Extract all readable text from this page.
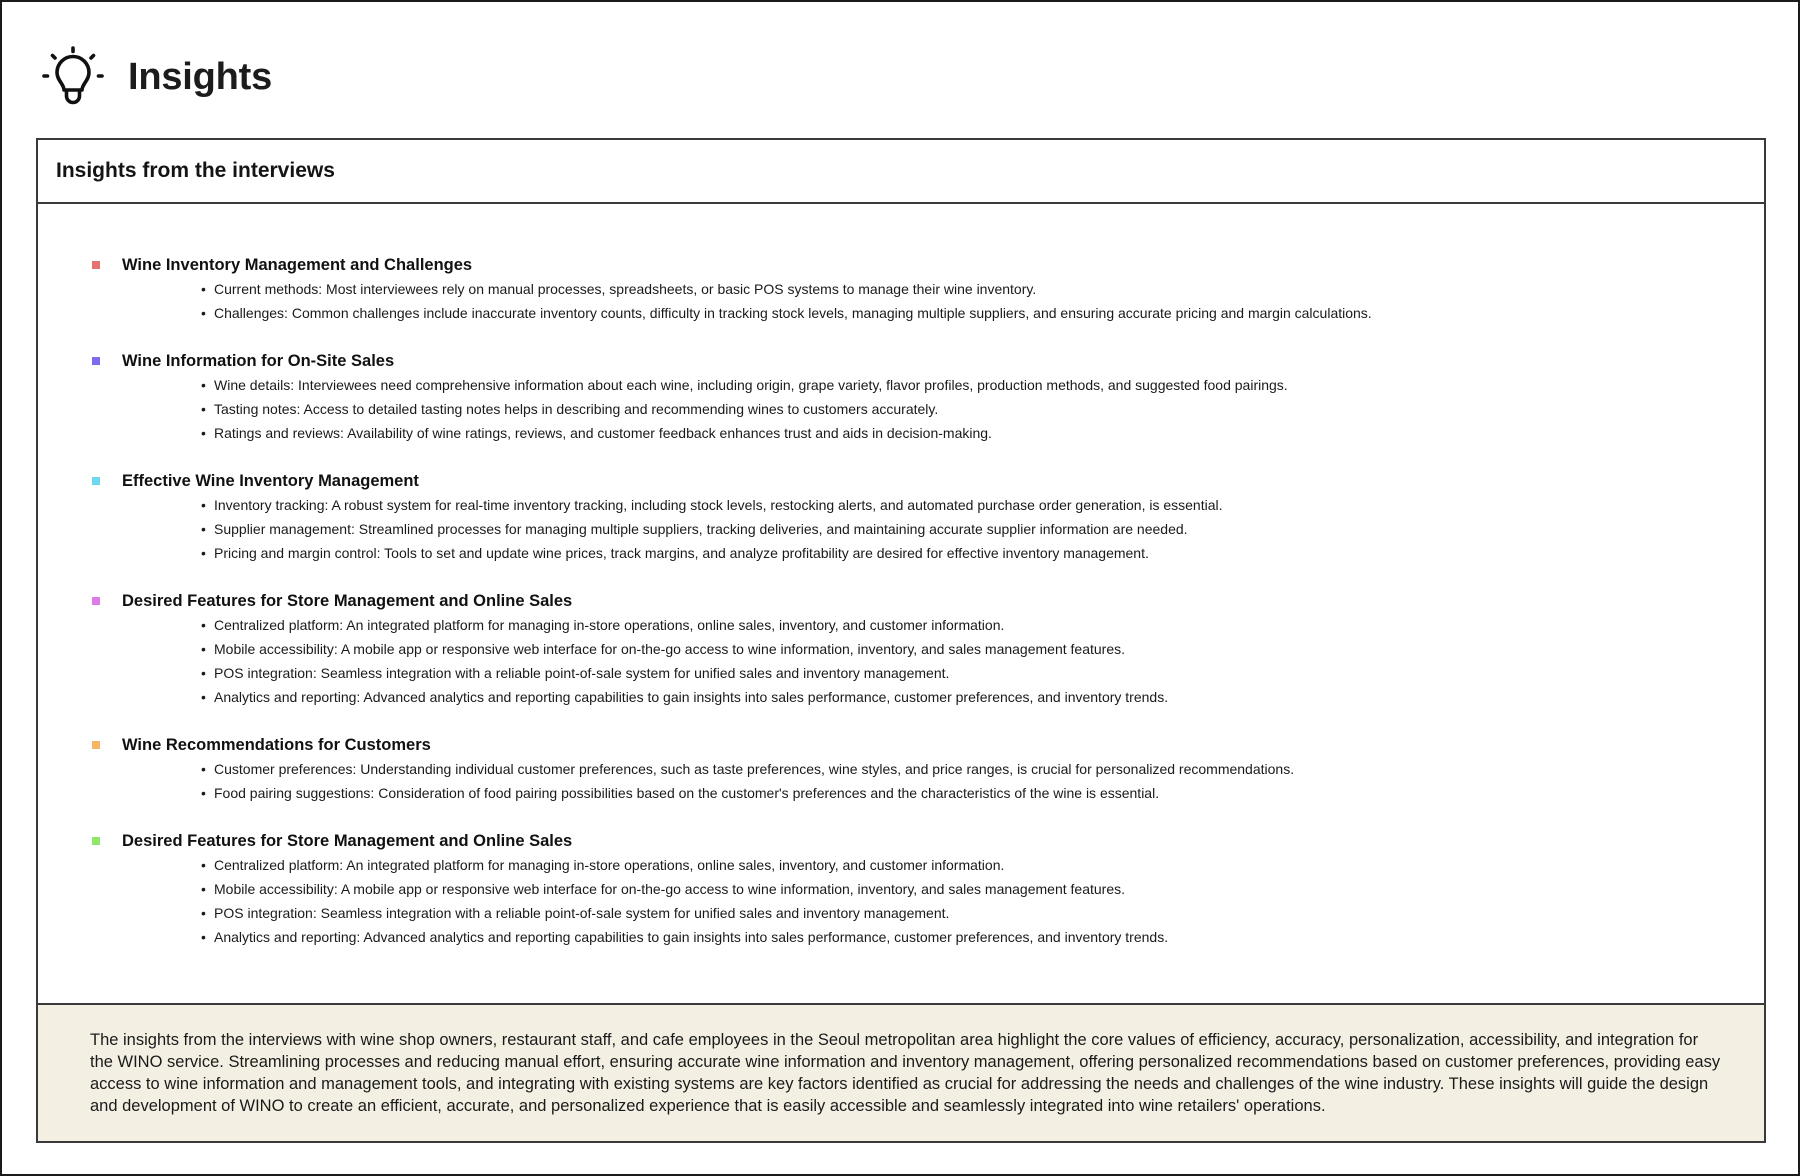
Insights
Insights from the interviews
Wine Inventory Management and Challenges
• Current methods: Most interviewees rely on manual processes, spreadsheets, or basic POS systems to manage their wine inventory.
• Challenges: Common challenges include inaccurate inventory counts, difficulty in tracking stock levels, managing multiple suppliers, and ensuring accurate pricing and margin calculations.
Wine Information for On-Site Sales
• Wine details: Interviewees need comprehensive information about each wine, including origin, grape variety, flavor profiles, production methods, and suggested food pairings.
• Tasting notes: Access to detailed tasting notes helps in describing and recommending wines to customers accurately.
• Ratings and reviews: Availability of wine ratings, reviews, and customer feedback enhances trust and aids in decision-making.
Effective Wine Inventory Management
• Inventory tracking: A robust system for real-time inventory tracking, including stock levels, restocking alerts, and automated purchase order generation, is essential.
• Supplier management: Streamlined processes for managing multiple suppliers, tracking deliveries, and maintaining accurate supplier information are needed.
• Pricing and margin control: Tools to set and update wine prices, track margins, and analyze profitability are desired for effective inventory management.
Desired Features for Store Management and Online Sales
• Centralized platform: An integrated platform for managing in-store operations, online sales, inventory, and customer information.
• Mobile accessibility: A mobile app or responsive web interface for on-the-go access to wine information, inventory, and sales management features.
• POS integration: Seamless integration with a reliable point-of-sale system for unified sales and inventory management.
• Analytics and reporting: Advanced analytics and reporting capabilities to gain insights into sales performance, customer preferences, and inventory trends.
Wine Recommendations for Customers
• Customer preferences: Understanding individual customer preferences, such as taste preferences, wine styles, and price ranges, is crucial for personalized recommendations.
• Food pairing suggestions: Consideration of food pairing possibilities based on the customer's preferences and the characteristics of the wine is essential.
Desired Features for Store Management and Online Sales
• Centralized platform: An integrated platform for managing in-store operations, online sales, inventory, and customer information.
• Mobile accessibility: A mobile app or responsive web interface for on-the-go access to wine information, inventory, and sales management features.
• POS integration: Seamless integration with a reliable point-of-sale system for unified sales and inventory management.
• Analytics and reporting: Advanced analytics and reporting capabilities to gain insights into sales performance, customer preferences, and inventory trends.

The insights from the interviews with wine shop owners, restaurant staff, and cafe employees in the Seoul metropolitan area highlight the core values of efficiency, accuracy, personalization, accessibility, and integration for the WINO service. Streamlining processes and reducing manual effort, ensuring accurate wine information and inventory management, offering personalized recommendations based on customer preferences, providing easy access to wine information and management tools, and integrating with existing systems are key factors identified as crucial for addressing the needs and challenges of the wine industry. These insights will guide the design and development of WINO to create an efficient, accurate, and personalized experience that is easily accessible and seamlessly integrated into wine retailers' operations.
